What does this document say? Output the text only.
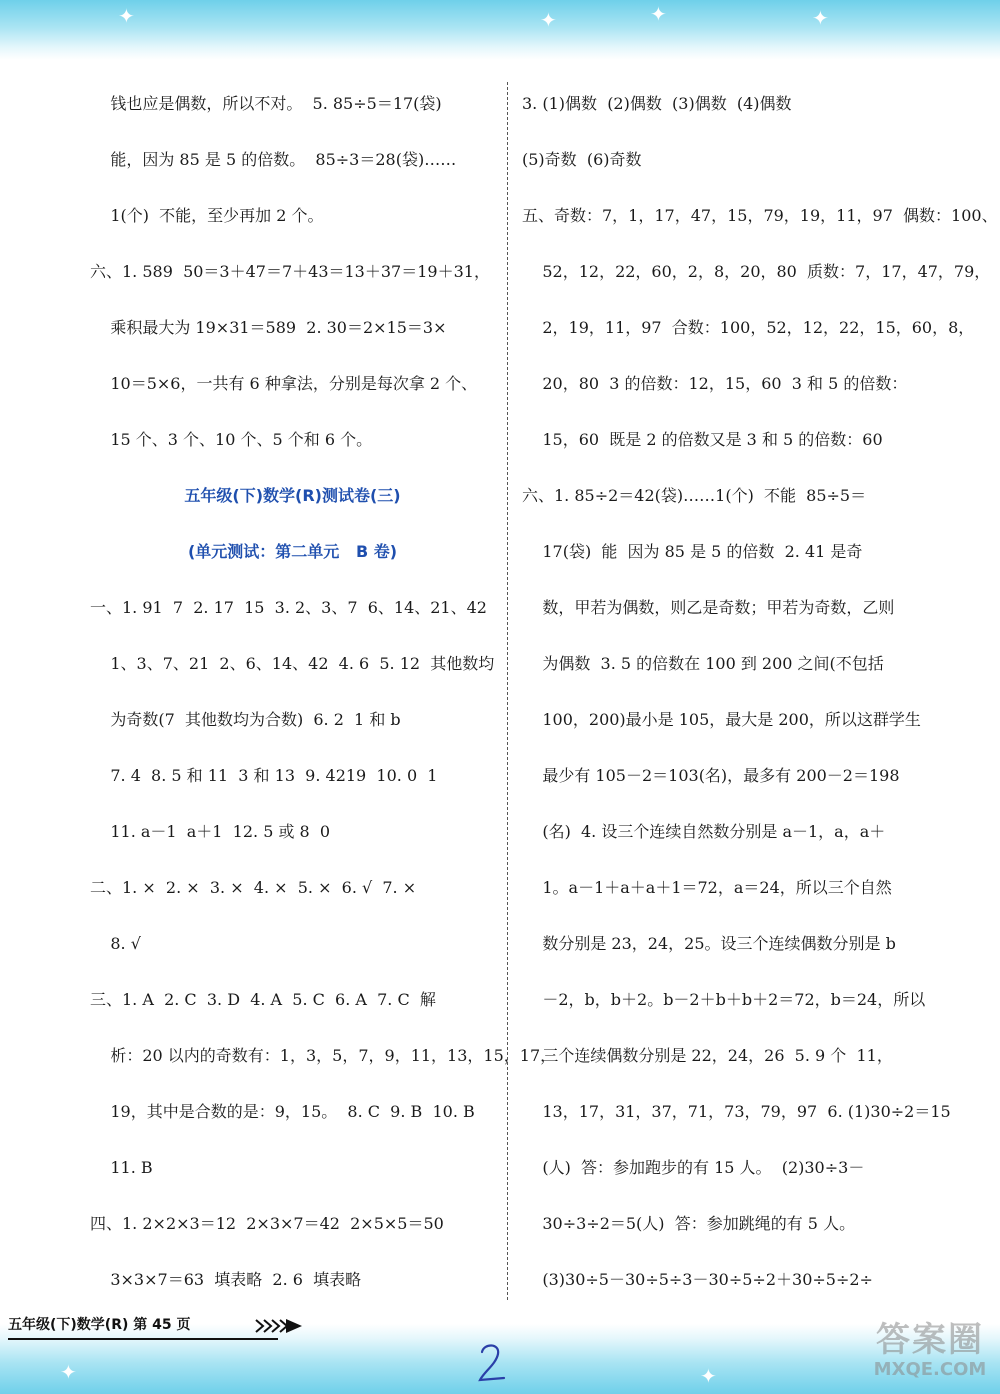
✦	✦	✦	✦
✦	✦
钱也应是偶数，所以不对。  5. 85÷5＝17(袋)
能，因为 85 是 5 的倍数。  85÷3＝28(袋)……
1(个)  不能，至少再加 2 个。
六、1. 589  50＝3＋47＝7＋43＝13＋37＝19＋31，
乘积最大为 19×31＝589  2. 30＝2×15＝3×
10＝5×6，一共有 6 种拿法，分别是每次拿 2 个、
15 个、3 个、10 个、5 个和 6 个。
五年级(下)数学(R)测试卷(三)
(单元测试：第二单元   B 卷)
一、1. 91  7  2. 17  15  3. 2、3、7  6、14、21、42
1、3、7、21  2、6、14、42  4. 6  5. 12  其他数均
为奇数(7  其他数均为合数)  6. 2  1 和 b
7. 4  8. 5 和 11  3 和 13  9. 4219  10. 0  1
11. a－1  a＋1  12. 5 或 8  0
二、1. ×  2. ×  3. ×  4. ×  5. ×  6. √  7. ×
8. √
三、1. A  2. C  3. D  4. A  5. C  6. A  7. C  解
析：20 以内的奇数有：1，3，5，7，9，11，13，15，17，
19，其中是合数的是：9，15。  8. C  9. B  10. B
11. B
四、1. 2×2×3＝12  2×3×7＝42  2×5×5＝50
3×3×7＝63  填表略  2. 6  填表略
3. (1)偶数  (2)偶数  (3)偶数  (4)偶数
(5)奇数  (6)奇数
五、奇数：7，1，17，47，15，79，19，11，97  偶数：100、
52，12，22，60，2，8，20，80  质数：7，17，47，79，
2，19，11，97  合数：100，52，12，22，15，60，8，
20，80  3 的倍数：12，15，60  3 和 5 的倍数：
15，60  既是 2 的倍数又是 3 和 5 的倍数：60
六、1. 85÷2＝42(袋)……1(个)  不能  85÷5＝
17(袋)  能  因为 85 是 5 的倍数  2. 41 是奇
数，甲若为偶数，则乙是奇数；甲若为奇数，乙则
为偶数  3. 5 的倍数在 100 到 200 之间(不包括
100，200)最小是 105，最大是 200，所以这群学生
最少有 105－2＝103(名)，最多有 200－2＝198
(名)  4. 设三个连续自然数分别是 a－1，a，a＋
1。a－1＋a＋a＋1＝72，a＝24，所以三个自然
数分别是 23，24，25。设三个连续偶数分别是 b
－2，b，b＋2。b－2＋b＋b＋2＝72，b＝24，所以
三个连续偶数分别是 22，24，26  5. 9 个  11，
13，17，31，37，71，73，79，97  6. (1)30÷2＝15
(人)  答：参加跑步的有 15 人。  (2)30÷3－
30÷3÷2＝5(人)  答：参加跳绳的有 5 人。
(3)30÷5－30÷5÷3－30÷5÷2＋30÷5÷2÷
五年级(下)数学(R) 第 45 页	答案圈
MXQE.COM
